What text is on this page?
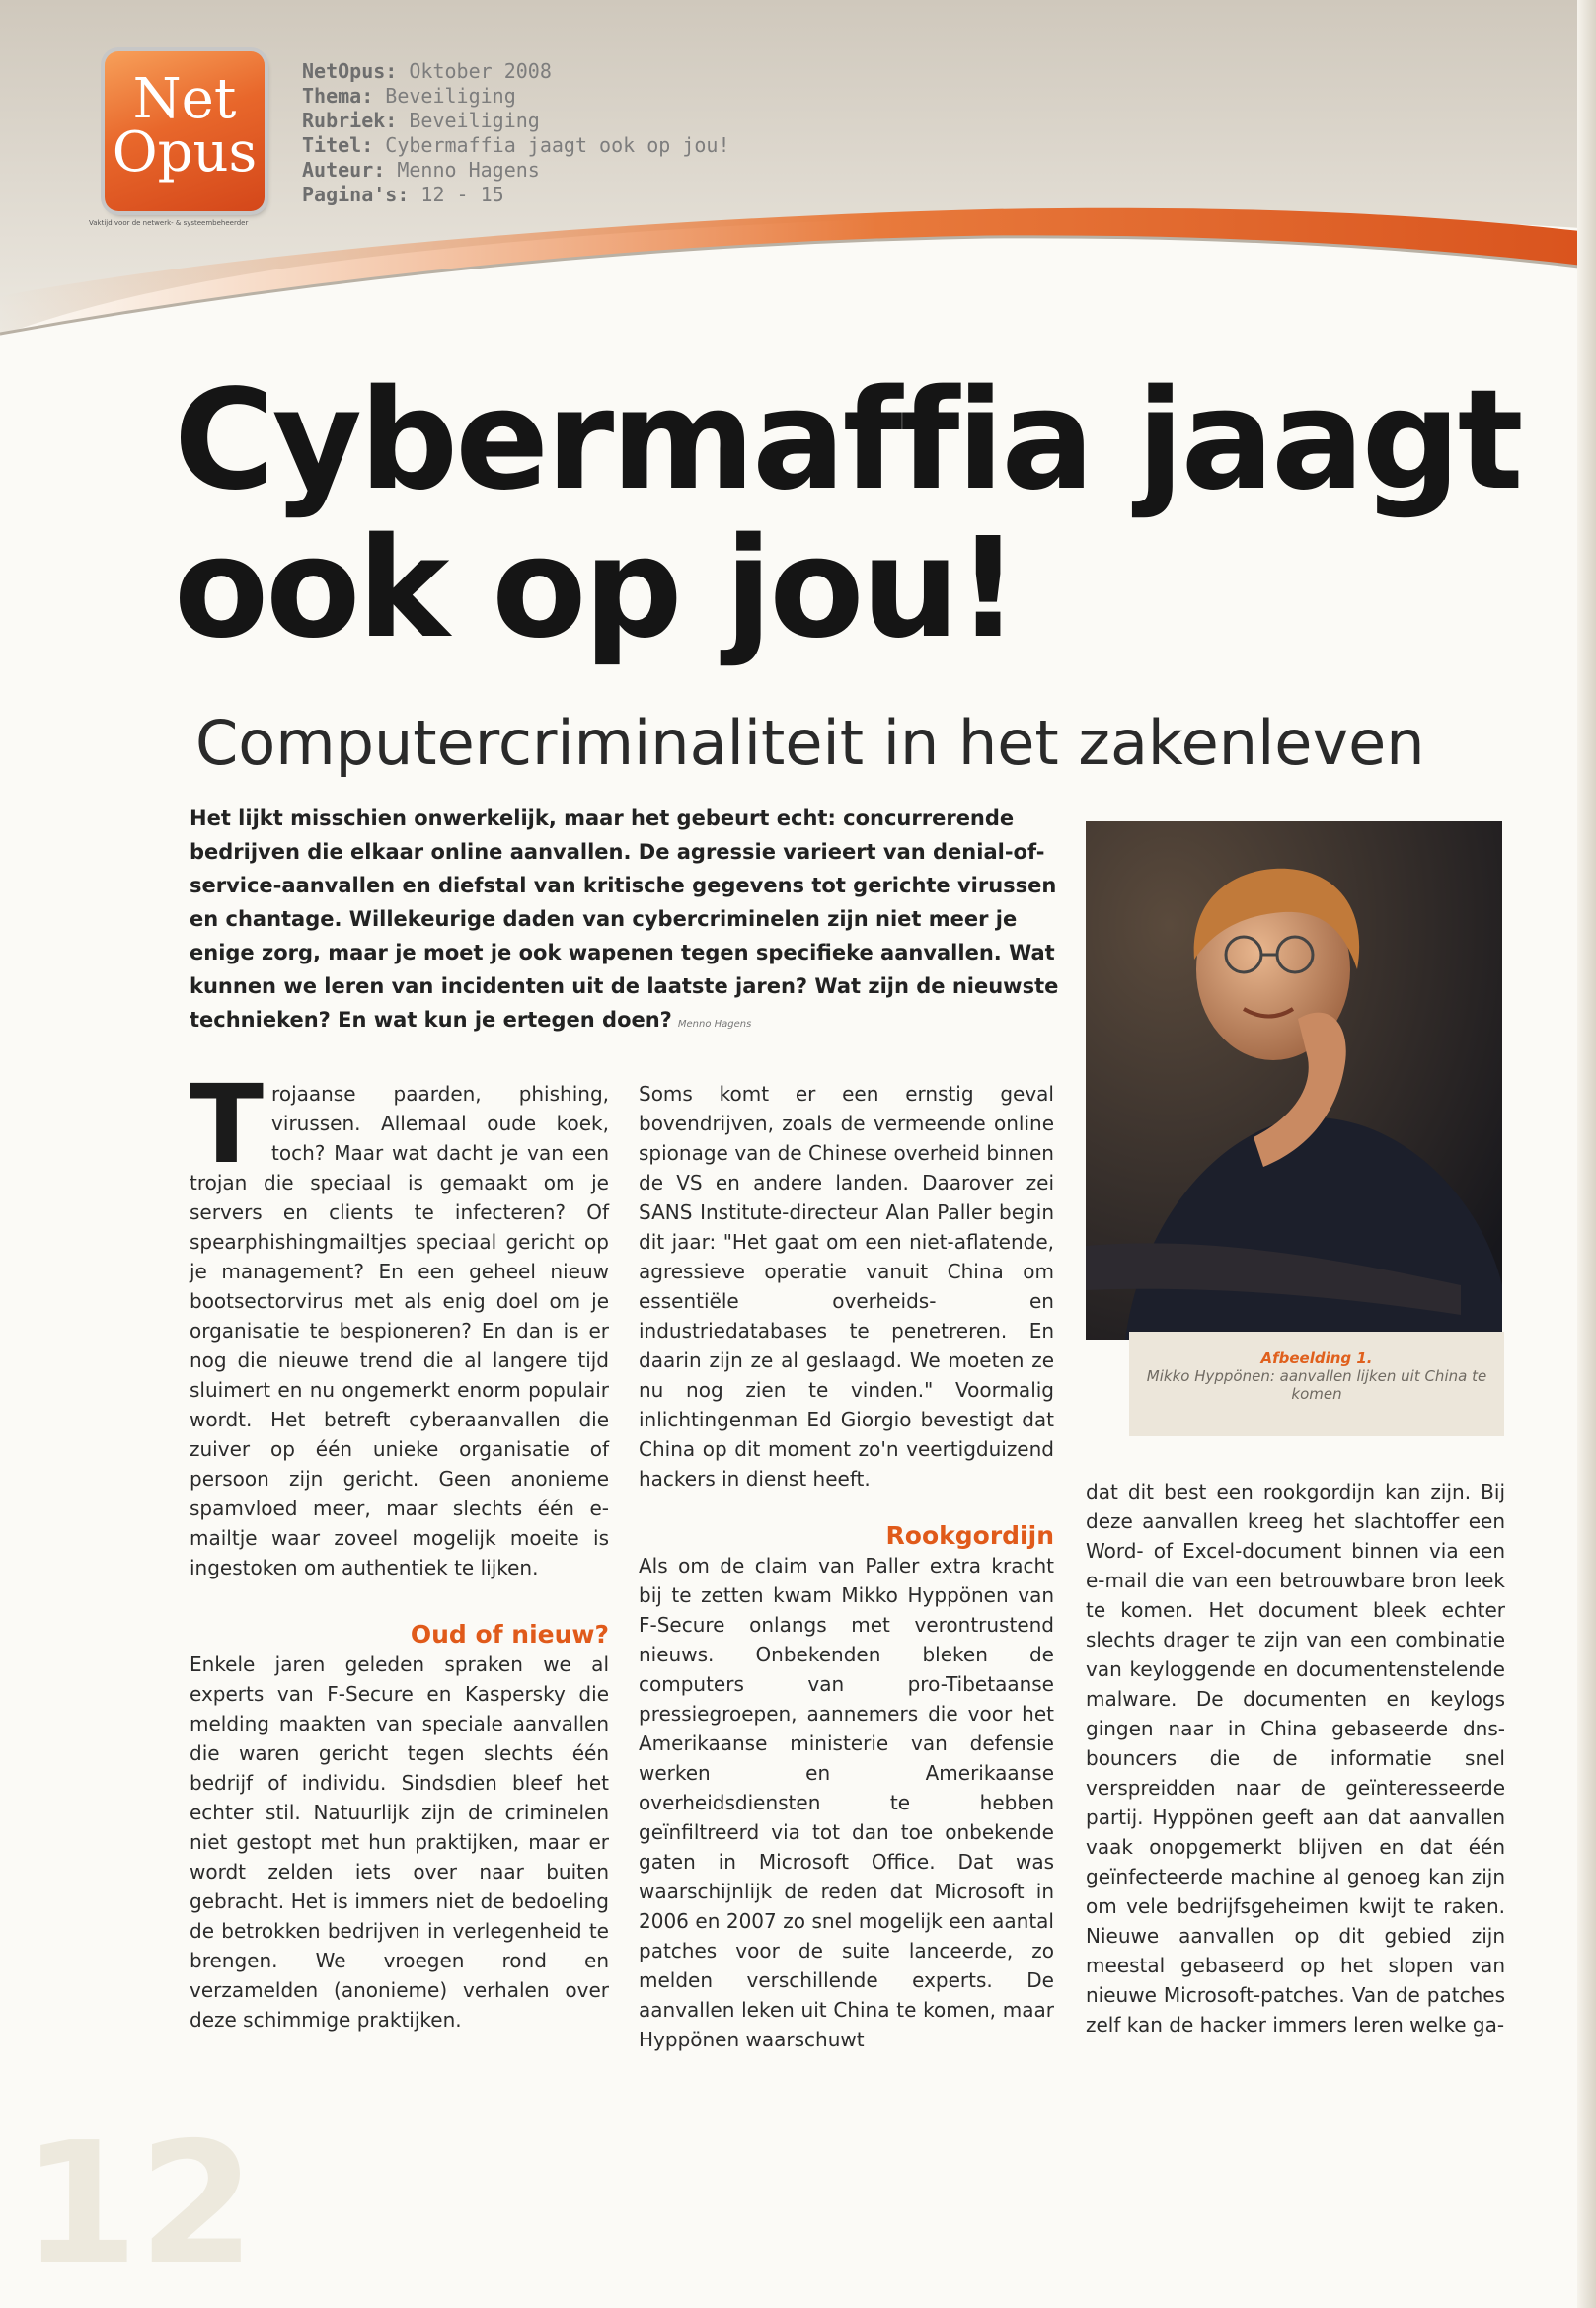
Net
Opus
Vaktijd voor de netwerk- & systeembeheerder
NetOpus: Oktober 2008
Thema: Beveiliging
Rubriek: Beveiliging
Titel: Cybermaffia jaagt ook op jou!
Auteur: Menno Hagens
Pagina's: 12 - 15
Cybermaffia jaagt
ook op jou!
Computercriminaliteit in het zakenleven

Het lijkt misschien onwerkelijk, maar het gebeurt echt: concurrerende bedrijven die elkaar online aanvallen. De agressie varieert van denial-of-service-aanvallen en diefstal van kritische gegevens tot gerichte virussen en chantage. Willekeurige daden van cybercriminelen zijn niet meer je enige zorg, maar je moet je ook wapenen tegen specifieke aanvallen. Wat kunnen we leren van incidenten uit de laatste jaren? Wat zijn de nieuwste technieken? En wat kun je ertegen doen? Menno Hagens

Afbeelding 1.
Mikko Hyppönen: aanvallen lijken uit China te komen

Trojaanse paarden, phishing, virussen. Allemaal oude koek, toch? Maar wat dacht je van een trojan die speciaal is gemaakt om je servers en clients te infecteren? Of spearphishingmailtjes speciaal gericht op je management? En een geheel nieuw bootsectorvirus met als enig doel om je organisatie te bespioneren? En dan is er nog die nieuwe trend die al langere tijd sluimert en nu ongemerkt enorm populair wordt. Het betreft cyberaanvallen die zuiver op één unieke organisatie of persoon zijn gericht. Geen anonieme spamvloed meer, maar slechts één e-mailtje waar zoveel mogelijk moeite is ingestoken om authentiek te lijken.

Oud of nieuw?

Enkele jaren geleden spraken we al experts van F-Secure en Kaspersky die melding maakten van speciale aanvallen die waren gericht tegen slechts één bedrijf of individu. Sindsdien bleef het echter stil. Natuurlijk zijn de criminelen niet gestopt met hun praktijken, maar er wordt zelden iets over naar buiten gebracht. Het is immers niet de bedoeling de betrokken bedrijven in verlegenheid te brengen. We vroegen rond en verzamelden (anonieme) verhalen over deze schimmige praktijken.

Soms komt er een ernstig geval bovendrijven, zoals de vermeende online spionage van de Chinese overheid binnen de VS en andere landen. Daarover zei SANS Institute-directeur Alan Paller begin dit jaar: "Het gaat om een niet-aflatende, agressieve operatie vanuit China om essentiële overheids- en industriedatabases te penetreren. En daarin zijn ze al geslaagd. We moeten ze nu nog zien te vinden." Voormalig inlichtingenman Ed Giorgio bevestigt dat China op dit moment zo'n veertigduizend hackers in dienst heeft.

Rookgordijn

Als om de claim van Paller extra kracht bij te zetten kwam Mikko Hyppönen van F-Secure onlangs met verontrustend nieuws. Onbekenden bleken de computers van pro-Tibetaanse pressiegroepen, aannemers die voor het Amerikaanse ministerie van defensie werken en Amerikaanse overheidsdiensten te hebben geïnfiltreerd via tot dan toe onbekende gaten in Microsoft Office. Dat was waarschijnlijk de reden dat Microsoft in 2006 en 2007 zo snel mogelijk een aantal patches voor de suite lanceerde, zo melden verschillende experts. De aanvallen leken uit China te komen, maar Hyppönen waarschuwt

dat dit best een rookgordijn kan zijn. Bij deze aanvallen kreeg het slachtoffer een Word- of Excel-document binnen via een e-mail die van een betrouwbare bron leek te komen. Het document bleek echter slechts drager te zijn van een combinatie van keyloggende en documentenstelende malware. De documenten en keylogs gingen naar in China gebaseerde dns-bouncers die de informatie snel verspreidden naar de geïnteresseerde partij. Hyppönen geeft aan dat aanvallen vaak onopgemerkt blijven en dat één geïnfecteerde machine al genoeg kan zijn om vele bedrijfsgeheimen kwijt te raken. Nieuwe aanvallen op dit gebied zijn meestal gebaseerd op het slopen van nieuwe Microsoft-patches. Van de patches zelf kan de hacker immers leren welke ga-

12
